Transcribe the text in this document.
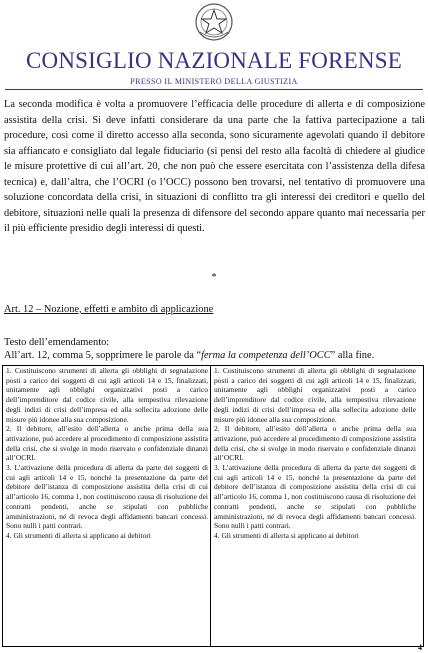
CONSIGLIO NAZIONALE FORENSE
PRESSO IL MINISTERO DELLA GIUSTIZIA
La seconda modifica è volta a promuovere l’efficacia delle procedure di allerta e di composizione assistita della crisi. Si deve infatti considerare da una parte che la fattiva partecipazione a tali procedure, così come il diretto accesso alla seconda, sono sicuramente agevolati quando il debitore sia affiancato e consigliato dal legale fiduciario (si pensi del resto alla facoltà di chiedere al giudice le misure protettive di cui all’art. 20, che non può che essere esercitata con l’assistenza della difesa tecnica) e, dall’altra, che l’OCRI (o l’OCC) possono ben trovarsi, nel tentativo di promuovere una soluzione concordata della crisi, in situazioni di conflitto tra gli interessi dei creditori e quello del debitore, situazioni nelle quali la presenza di difensore del secondo appare quanto mai necessaria per il più efficiente presidio degli interessi di questi.
*
Art. 12 – Nozione, effetti e ambito di applicazione
Testo dell’emendamento:
All’art. 12, comma 5, sopprimere le parole da “ferma la competenza dell’OCC” alla fine.

1. Costituiscono strumenti di allerta gli obblighi di segnalazione posti a carico dei soggetti di cui agli articoli 14 e 15, finalizzati, unitamente agli obblighi organizzativi posti a carico dell’imprenditore dal codice civile, alla tempestiva rilevazione degli indizi di crisi dell’impresa ed alla sollecita adozione delle misure più idonee alla sua composizione.

2. Il debitore, all’esito dell’allerta o anche prima della sua attivazione, può accedere al procedimento di composizione assistita della crisi, che si svolge in modo riservato e confidenziale dinanzi all’OCRI.

3. L’attivazione della procedura di allerta da parte dei soggetti di cui agli articoli 14 e 15, nonché la presentazione da parte del debitore dell’istanza di composizione assistita della crisi di cui all’articolo 16, comma 1, non costituiscono causa di risoluzione dei contratti pendenti, anche se stipulati con pubbliche amministrazioni, né di revoca degli affidamenti bancari concessi. Sono nulli i patti contrari.

4. Gli strumenti di allerta si applicano ai debitori

1. Costituiscono strumenti di allerta gli obblighi di segnalazione posti a carico dei soggetti di cui agli articoli 14 e 15, finalizzati, unitamente agli obblighi organizzativi posti a carico dell’imprenditore dal codice civile, alla tempestiva rilevazione degli indizi di crisi dell’impresa ed alla sollecita adozione delle misure più idonee alla sua composizione.

2. Il debitore, all’esito dell’allerta o anche prima della sua attivazione, può accedere al procedimento di composizione assistita della crisi, che si svolge in modo riservato e confidenziale dinanzi all’OCRI.

3. L’attivazione della procedura di allerta da parte dei soggetti di cui agli articoli 14 e 15, nonché la presentazione da parte del debitore dell’istanza di composizione assistita della crisi di cui all’articolo 16, comma 1, non costituiscono causa di risoluzione dei contratti pendenti, anche se stipulati con pubbliche amministrazioni, né di revoca degli affidamenti bancari concessi. Sono nulli i patti contrari.

4. Gli strumenti di allerta si applicano ai debitori

4
